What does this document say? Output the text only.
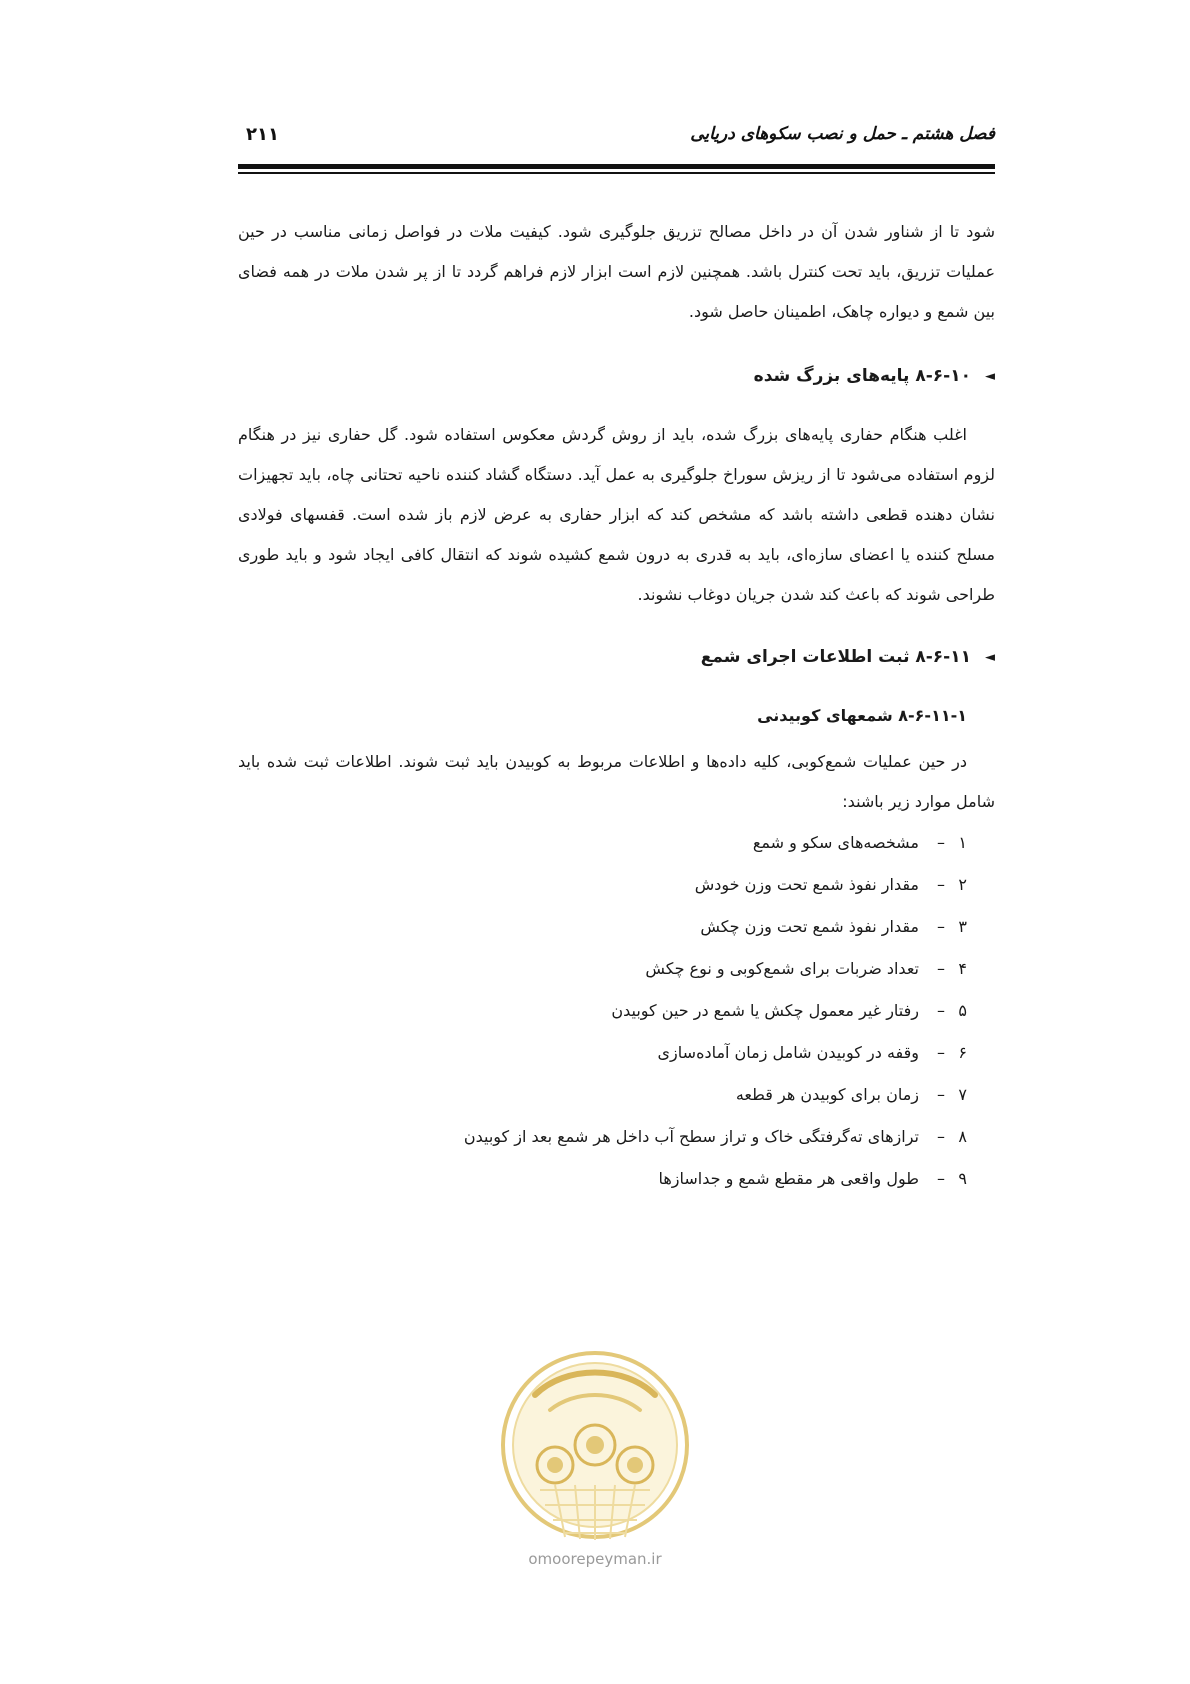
فصل هشتم ـ حمل و نصب سکوهای دریایی
۲۱۱

شود تا از شناور شدن آن در داخل مصالح تزریق جلوگیری شود. کیفیت ملات در فواصل زمانی مناسب در حین عملیات تزریق، باید تحت کنترل باشد. همچنین لازم است ابزار لازم فراهم گردد تا از پر شدن ملات در همه فضای بین شمع و دیواره چاهک، اطمینان حاصل شود.

◄۸-۶-۱۰ پایه‌های بزرگ شده

اغلب هنگام حفاری پایه‌های بزرگ شده، باید از روش گردش معکوس استفاده شود. گل حفاری نیز در هنگام لزوم استفاده می‌شود تا از ریزش سوراخ جلوگیری به عمل آید. دستگاه گشاد کننده ناحیه تحتانی چاه، باید تجهیزات نشان دهنده قطعی داشته باشد که مشخص کند که ابزار حفاری به عرض لازم باز شده است. قفسهای فولادی مسلح کننده یا اعضای سازه‌ای، باید به قدری به درون شمع کشیده شوند که انتقال کافی ایجاد شود و باید طوری طراحی شوند که باعث کند شدن جریان دوغاب نشوند.

◄۸-۶-۱۱ ثبت اطلاعات اجرای شمع
۸-۶-۱۱-۱ شمعهای کوبیدنی

در حین عملیات شمع‌کوبی، کلیه داده‌ها و اطلاعات مربوط به کوبیدن باید ثبت شوند. اطلاعات ثبت شده باید شامل موارد زیر باشند:

۱–مشخصه‌های سکو و شمع
۲–مقدار نفوذ شمع تحت وزن خودش
۳–مقدار نفوذ شمع تحت وزن چکش
۴–تعداد ضربات برای شمع‌کوبی و نوع چکش
۵–رفتار غیر معمول چکش یا شمع در حین کوبیدن
۶–وقفه در کوبیدن شامل زمان آماده‌سازی
۷–زمان برای کوبیدن هر قطعه
۸–ترازهای ته‌گرفتگی خاک و تراز سطح آب داخل هر شمع بعد از کوبیدن
۹–طول واقعی هر مقطع شمع و جداسازها
omoorepeyman.ir
